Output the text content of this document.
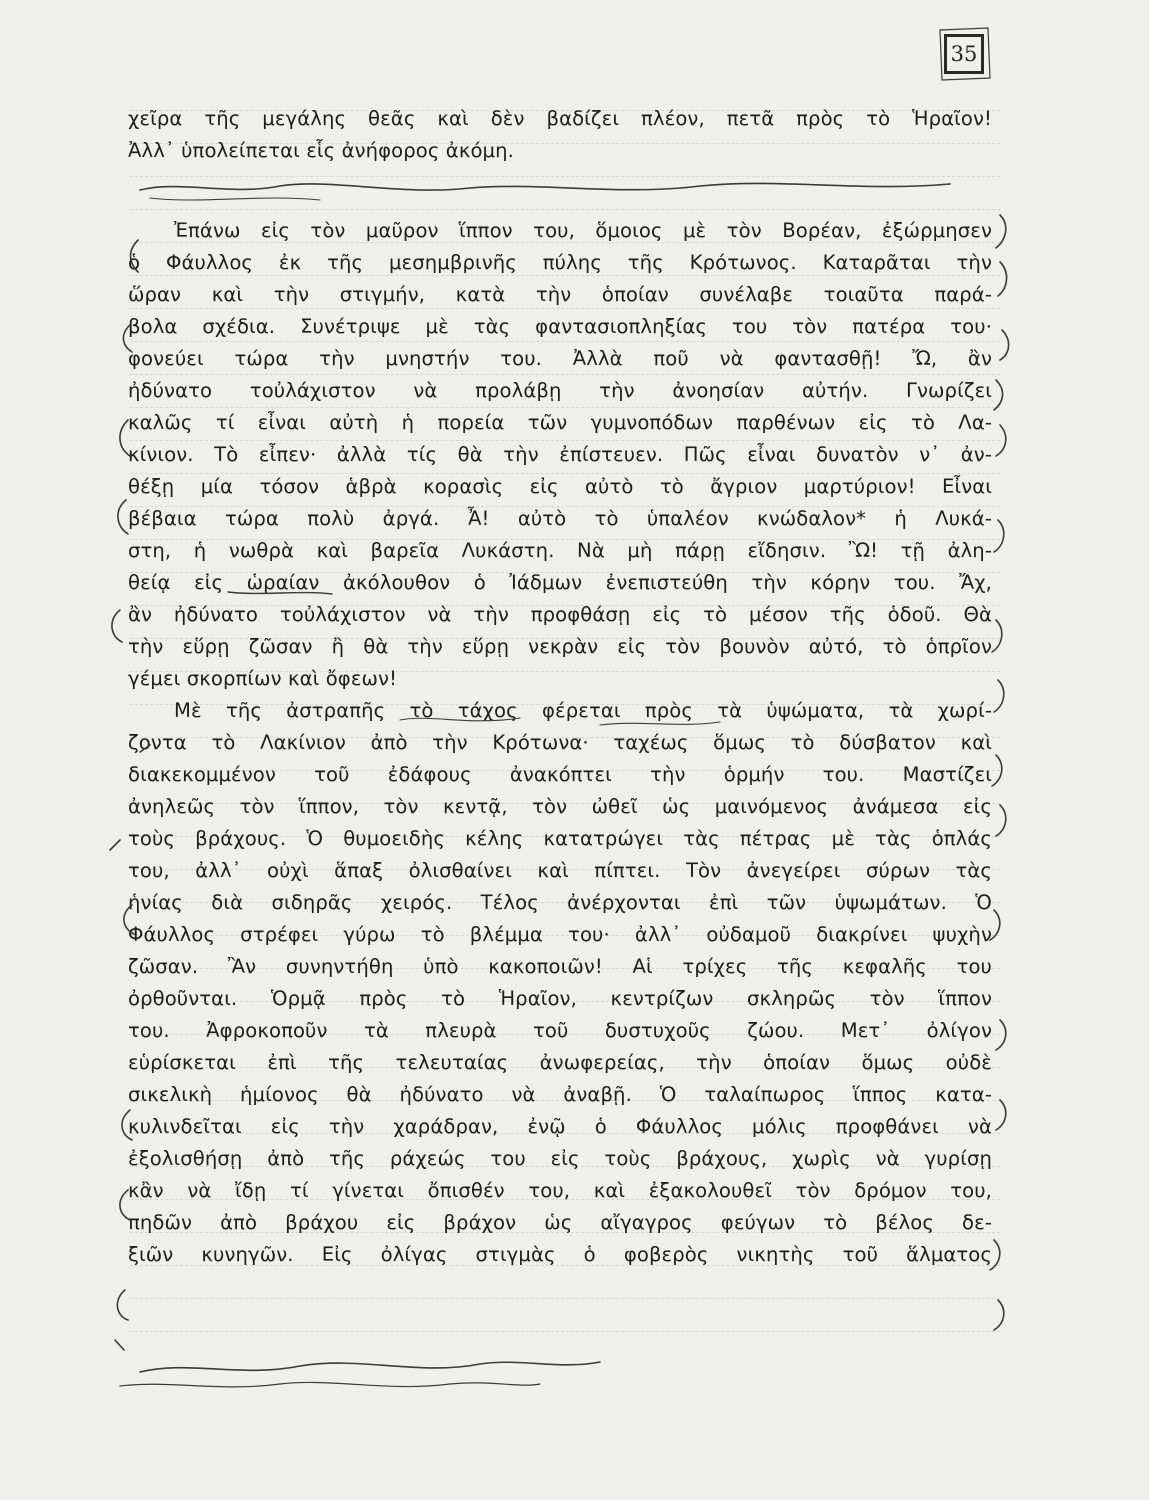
35
χεῖρα τῆς μεγάλης θεᾶς καὶ δὲν βαδίζει πλέον, πετᾶ πρὸς τὸ Ἡραῖον!
Ἀλλ᾽ ὑπολείπεται εἷς ἀνήφορος ἀκόμη.
Ἐπάνω εἰς τὸν μαῦρον ἵππον του, ὅμοιος μὲ τὸν Βορέαν, ἐξώρμησεν
ὁ Φάυλλος ἐκ τῆς μεσημβρινῆς πύλης τῆς Κρότωνος. Καταρᾶται τὴν
ὥραν καὶ τὴν στιγμήν, κατὰ τὴν ὁποίαν συνέλαβε τοιαῦτα παρά-
βολα σχέδια. Συνέτριψε μὲ τὰς φαντασιοπληξίας του τὸν πατέρα του·
φονεύει τώρα τὴν μνηστήν του. Ἀλλὰ ποῦ νὰ φαντασθῇ! Ὤ, ἂν
ἠδύνατο τοὐλάχιστον νὰ προλάβῃ τὴν ἀνοησίαν αὐτήν. Γνωρίζει
καλῶς τί εἶναι αὐτὴ ἡ πορεία τῶν γυμνοπόδων παρθένων εἰς τὸ Λα-
κίνιον. Τὸ εἶπεν· ἀλλὰ τίς θὰ τὴν ἐπίστευεν. Πῶς εἶναι δυνατὸν ν᾽ ἀν-
θέξῃ μία τόσον ἁβρὰ κορασὶς εἰς αὐτὸ τὸ ἄγριον μαρτύριον! Εἶναι
βέβαια τώρα πολὺ ἀργά. Ἆ! αὐτὸ τὸ ὑπαλέον κνώδαλον* ἡ Λυκά-
στη, ἡ νωθρὰ καὶ βαρεῖα Λυκάστη. Νὰ μὴ πάρῃ εἴδησιν. Ὢ! τῇ ἀλη-
θείᾳ εἰς ὡραίαν ἀκόλουθον ὁ Ἰάδμων ἐνεπιστεύθη τὴν κόρην του. Ἄχ,
ἂν ἠδύνατο τοὐλάχιστον νὰ τὴν προφθάσῃ εἰς τὸ μέσον τῆς ὁδοῦ. Θὰ
τὴν εὕρῃ ζῶσαν ἢ θὰ τὴν εὕρῃ νεκρὰν εἰς τὸν βουνὸν αὐτό, τὸ ὁπρῖον
γέμει σκορπίων καὶ ὄφεων!
Μὲ τῆς ἀστραπῆς τὸ τάχος φέρεται πρὸς τὰ ὑψώματα, τὰ χωρί-
ζοντα τὸ Λακίνιον ἀπὸ τὴν Κρότωνα· ταχέως ὅμως τὸ δύσβατον καὶ
διακεκομμένον τοῦ ἐδάφους ἀνακόπτει τὴν ὁρμήν του. Μαστίζει
ἀνηλεῶς τὸν ἵππον, τὸν κεντᾷ, τὸν ὠθεῖ ὡς μαινόμενος ἀνάμεσα εἰς
τοὺς βράχους. Ὁ θυμοειδὴς κέλης κατατρώγει τὰς πέτρας μὲ τὰς ὁπλάς
του, ἀλλ᾽ οὐχὶ ἅπαξ ὀλισθαίνει καὶ πίπτει. Τὸν ἀνεγείρει σύρων τὰς
ἡνίας διὰ σιδηρᾶς χειρός. Τέλος ἀνέρχονται ἐπὶ τῶν ὑψωμάτων. Ὁ
Φάυλλος στρέφει γύρω τὸ βλέμμα του· ἀλλ᾽ οὐδαμοῦ διακρίνει ψυχὴν
ζῶσαν. Ἂν συνηντήθη ὑπὸ κακοποιῶν! Αἱ τρίχες τῆς κεφαλῆς του
ὀρθοῦνται. Ὁρμᾷ πρὸς τὸ Ἡραῖον, κεντρίζων σκληρῶς τὸν ἵππον
του. Ἀφροκοποῦν τὰ πλευρὰ τοῦ δυστυχοῦς ζώου. Μετ᾽ ὀλίγον
εὑρίσκεται ἐπὶ τῆς τελευταίας ἀνωφερείας, τὴν ὁποίαν ὅμως οὐδὲ
σικελικὴ ἡμίονος θὰ ἠδύνατο νὰ ἀναβῇ. Ὁ ταλαίπωρος ἵππος κατα-
κυλινδεῖται εἰς τὴν χαράδραν, ἐνῷ ὁ Φάυλλος μόλις προφθάνει νὰ
ἐξολισθήσῃ ἀπὸ τῆς ράχεώς του εἰς τοὺς βράχους, χωρὶς νὰ γυρίσῃ
κἂν νὰ ἴδῃ τί γίνεται ὄπισθέν του, καὶ ἐξακολουθεῖ τὸν δρόμον του,
πηδῶν ἀπὸ βράχου εἰς βράχον ὡς αἴγαγρος φεύγων τὸ βέλος δε-
ξιῶν κυνηγῶν. Εἰς ὀλίγας στιγμὰς ὁ φοβερὸς νικητὴς τοῦ ἅλματος
